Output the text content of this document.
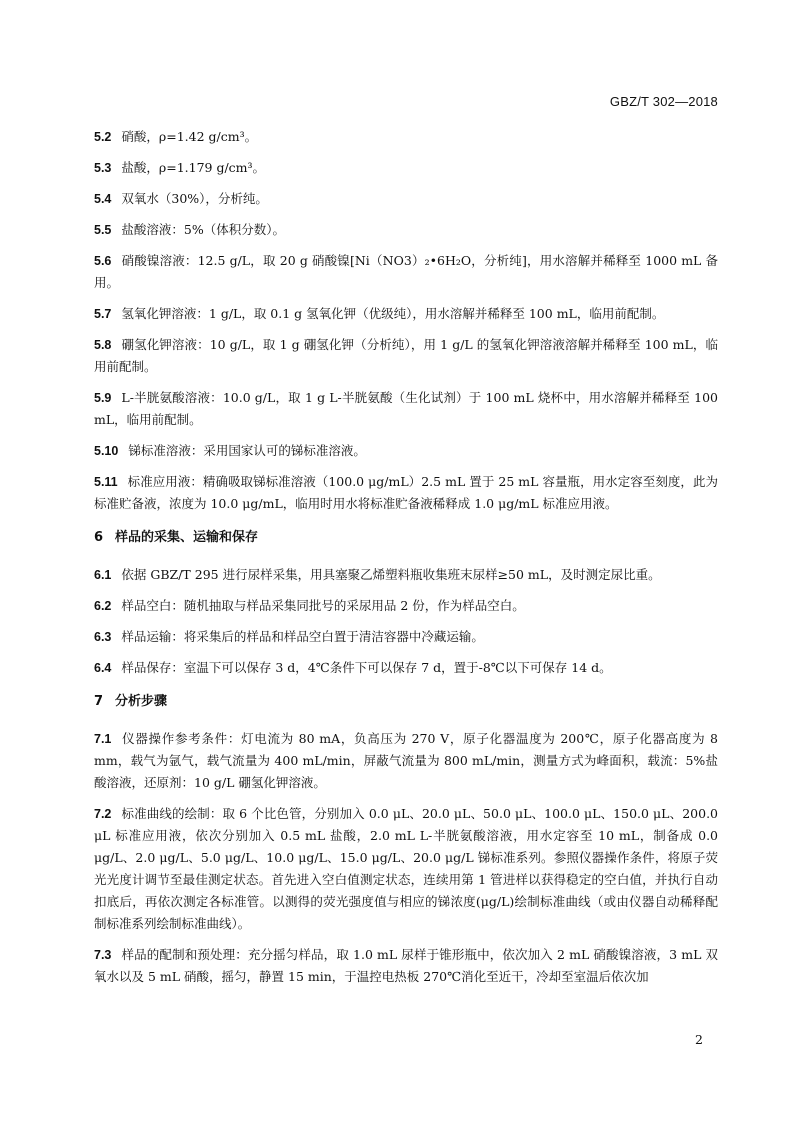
GBZ/T 302—2018

5.2 硝酸，ρ=1.42 g/cm³。

5.3 盐酸，ρ=1.179 g/cm³。

5.4 双氧水（30%），分析纯。

5.5 盐酸溶液：5%（体积分数）。

5.6 硝酸镍溶液：12.5 g/L，取 20 g 硝酸镍[Ni（NO3）₂•6H₂O，分析纯]，用水溶解并稀释至 1000 mL 备用。

5.7 氢氧化钾溶液：1 g/L，取 0.1 g 氢氧化钾（优级纯），用水溶解并稀释至 100 mL，临用前配制。

5.8 硼氢化钾溶液：10 g/L，取 1 g 硼氢化钾（分析纯），用 1 g/L 的氢氧化钾溶液溶解并稀释至 100 mL，临用前配制。

5.9 L-半胱氨酸溶液：10.0 g/L，取 1 g L-半胱氨酸（生化试剂）于 100 mL 烧杯中，用水溶解并稀释至 100 mL，临用前配制。

5.10 锑标准溶液：采用国家认可的锑标准溶液。

5.11 标准应用液：精确吸取锑标准溶液（100.0 μg/mL）2.5 mL 置于 25 mL 容量瓶，用水定容至刻度，此为标准贮备液，浓度为 10.0 μg/mL，临用时用水将标准贮备液稀释成 1.0 μg/mL 标准应用液。

6 样品的采集、运输和保存

6.1 依据 GBZ/T 295 进行尿样采集，用具塞聚乙烯塑料瓶收集班末尿样≥50 mL，及时测定尿比重。

6.2 样品空白：随机抽取与样品采集同批号的采尿用品 2 份，作为样品空白。

6.3 样品运输：将采集后的样品和样品空白置于清洁容器中冷藏运输。

6.4 样品保存：室温下可以保存 3 d，4℃条件下可以保存 7 d，置于-8℃以下可保存 14 d。

7 分析步骤

7.1 仪器操作参考条件：灯电流为 80 mA，负高压为 270 V，原子化器温度为 200℃，原子化器高度为 8 mm，载气为氩气，载气流量为 400 mL/min，屏蔽气流量为 800 mL/min，测量方式为峰面积，载流：5%盐酸溶液，还原剂：10 g/L 硼氢化钾溶液。

7.2 标准曲线的绘制：取 6 个比色管，分别加入 0.0 μL、20.0 μL、50.0 μL、100.0 μL、150.0 μL、200.0 μL 标准应用液，依次分别加入 0.5 mL 盐酸，2.0 mL L-半胱氨酸溶液，用水定容至 10 mL，制备成 0.0 μg/L、2.0 μg/L、5.0 μg/L、10.0 μg/L、15.0 μg/L、20.0 μg/L 锑标准系列。参照仪器操作条件，将原子荧光光度计调节至最佳测定状态。首先进入空白值测定状态，连续用第 1 管进样以获得稳定的空白值，并执行自动扣底后，再依次测定各标准管。以测得的荧光强度值与相应的锑浓度(μg/L)绘制标准曲线（或由仪器自动稀释配制标准系列绘制标准曲线）。

7.3 样品的配制和预处理：充分摇匀样品，取 1.0 mL 尿样于锥形瓶中，依次加入 2 mL 硝酸镍溶液，3 mL 双氧水以及 5 mL 硝酸，摇匀，静置 15 min，于温控电热板 270℃消化至近干，冷却至室温后依次加

2
